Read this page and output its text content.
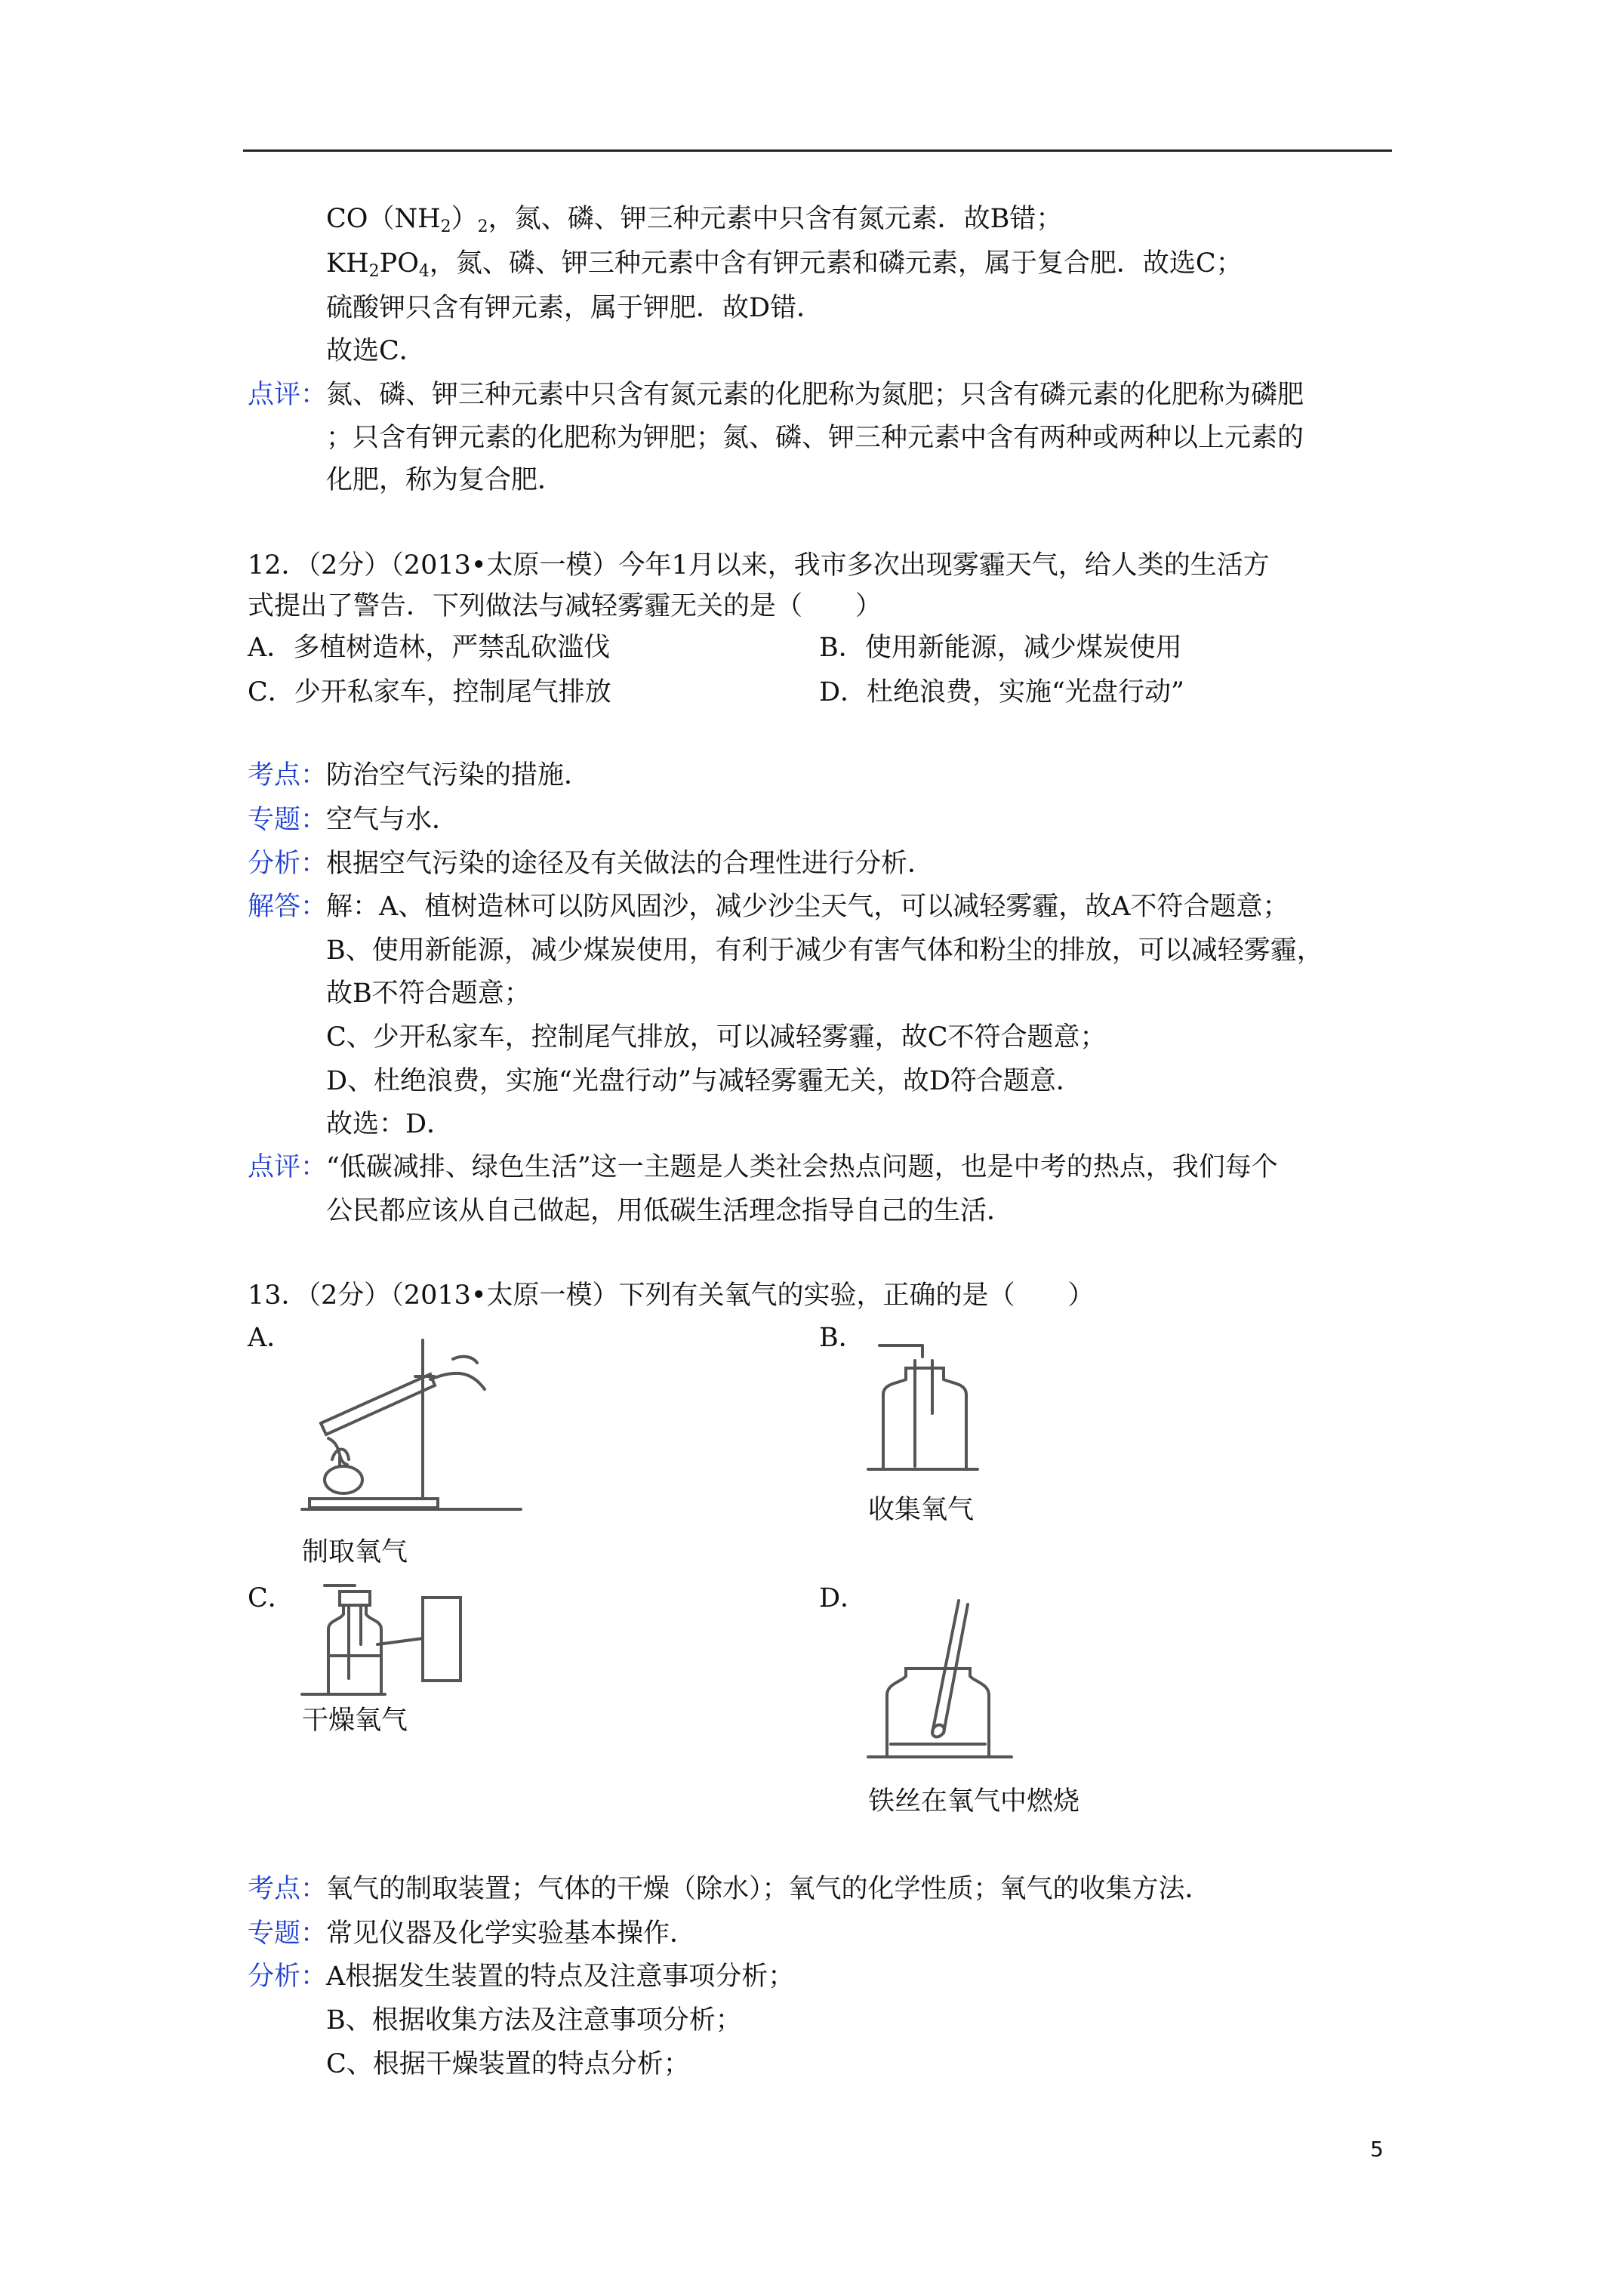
$CO(NH_2)_2$，氮、磷、钾三种元素中只含有氮元素．故B错；
$KH_2PO_4$，氮、磷、钾三种元素中含有钾元素和磷元素，属于复合肥．故选C；
硫酸钾只含有钾元素，属于钾肥．故D错．
故选C．
点评：
氮、磷、钾三种元素中只含有氮元素的化肥称为氮肥；只含有磷元素的化肥称为磷肥
；只含有钾元素的化肥称为钾肥；氮、磷、钾三种元素中含有两种或两种以上元素的
化肥，称为复合肥．
12．（2分）（2013•太原一模）今年1月以来，我市多次出现雾霾天气，给人类的生活方
式提出了警告．下列做法与减轻雾霾无关的是（　　）
A．多植树造林，严禁乱砍滥伐	B．使用新能源，减少煤炭使用
C．少开私家车，控制尾气排放	D．杜绝浪费，实施“光盘行动”
考点：
防治空气污染的措施．
专题：
空气与水．
分析：
根据空气污染的途径及有关做法的合理性进行分析．
解答：
解：A、植树造林可以防风固沙，减少沙尘天气，可以减轻雾霾，故A不符合题意；
B、使用新能源，减少煤炭使用，有利于减少有害气体和粉尘的排放，可以减轻雾霾，
故B不符合题意；
C、少开私家车，控制尾气排放，可以减轻雾霾，故C不符合题意；
D、杜绝浪费，实施“光盘行动”与减轻雾霾无关，故D符合题意．
故选：D．
点评：
“低碳减排、绿色生活”这一主题是人类社会热点问题，也是中考的热点，我们每个
公民都应该从自己做起，用低碳生活理念指导自己的生活．
13．（2分）（2013•太原一模）下列有关氧气的实验，正确的是（　　）
A．	B．
制取氧气
收集氧气
C．	D．
干燥氧气
铁丝在氧气中燃烧
考点：
氧气的制取装置；气体的干燥（除水）；氧气的化学性质；氧气的收集方法．
专题：
常见仪器及化学实验基本操作．
分析：
A根据发生装置的特点及注意事项分析；
B、根据收集方法及注意事项分析；
C、根据干燥装置的特点分析；
5
